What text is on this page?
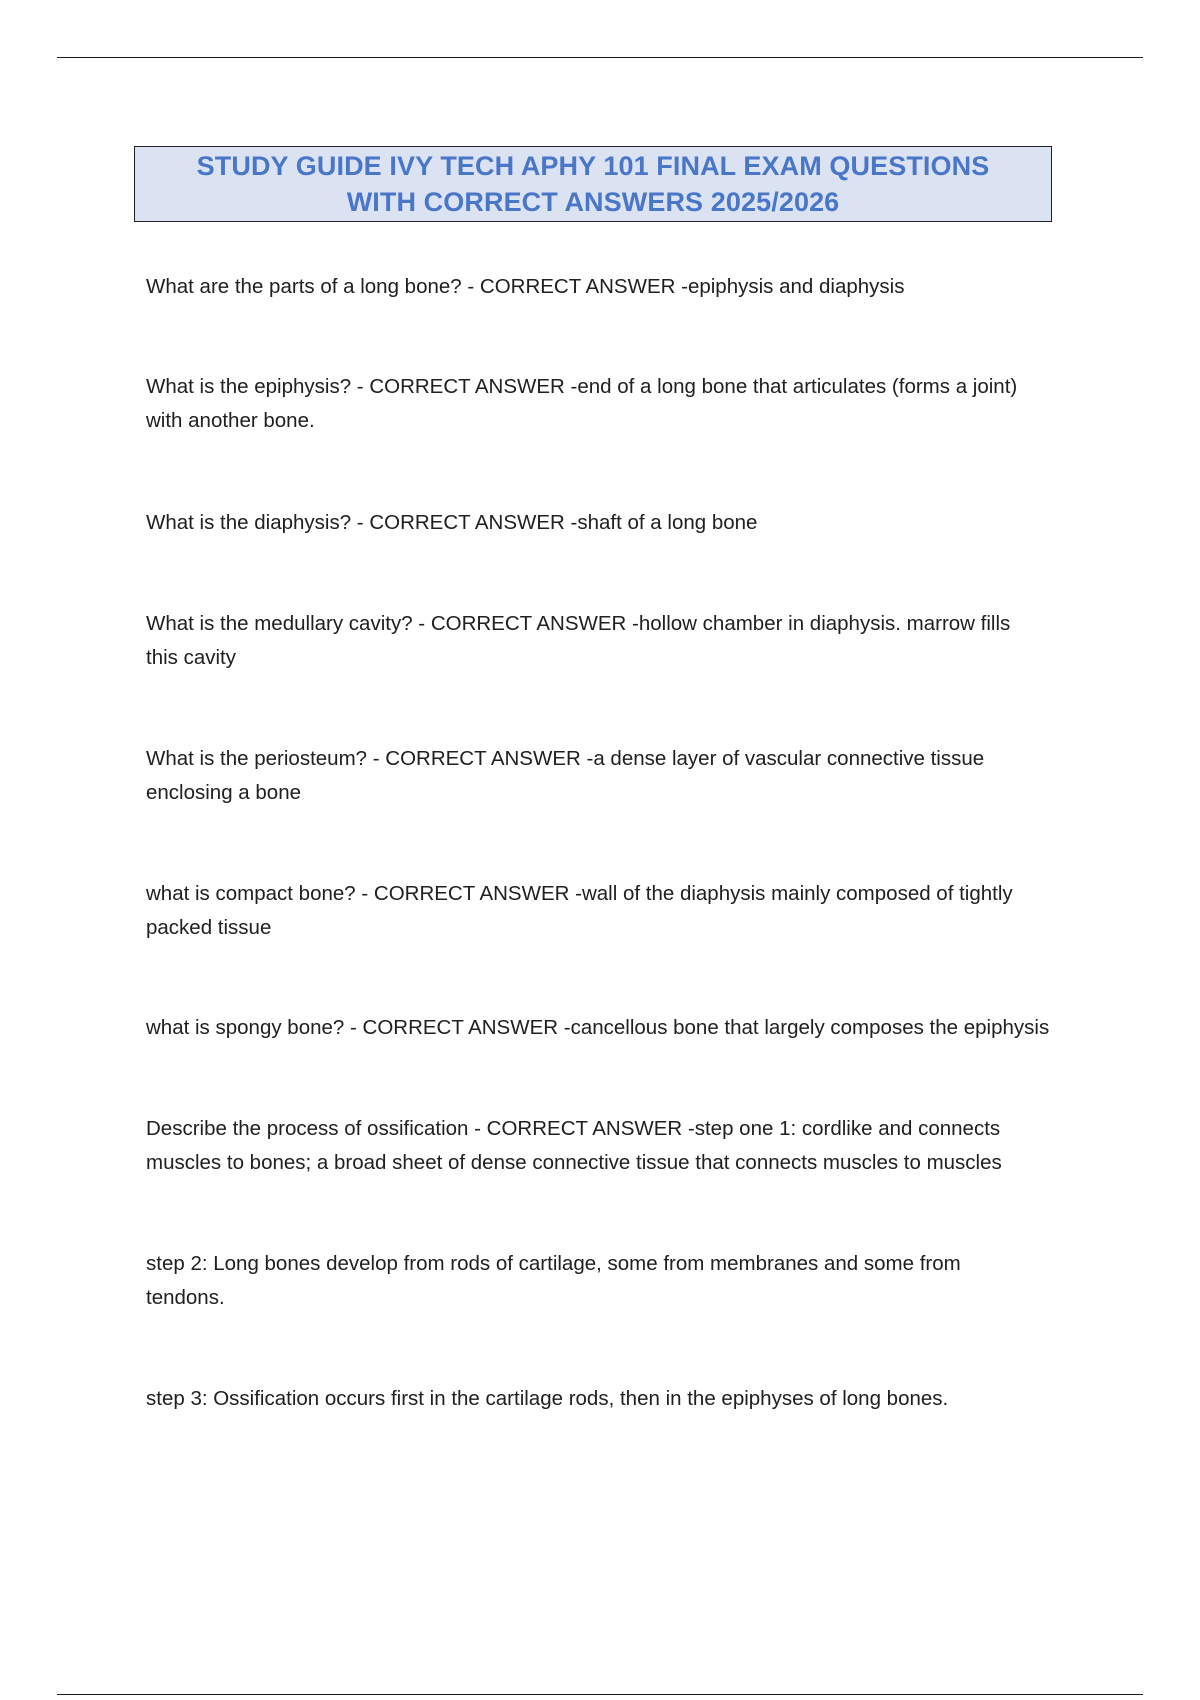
STUDY GUIDE IVY TECH APHY 101 FINAL EXAM QUESTIONS
WITH CORRECT ANSWERS 2025/2026
What are the parts of a long bone? - CORRECT ANSWER -epiphysis and diaphysis
What is the epiphysis? - CORRECT ANSWER -end of a long bone that articulates (forms a joint)
with another bone.
What is the diaphysis? - CORRECT ANSWER -shaft of a long bone
What is the medullary cavity? - CORRECT ANSWER -hollow chamber in diaphysis. marrow fills
this cavity
What is the periosteum? - CORRECT ANSWER -a dense layer of vascular connective tissue
enclosing a bone
what is compact bone? - CORRECT ANSWER -wall of the diaphysis mainly composed of tightly
packed tissue
what is spongy bone? - CORRECT ANSWER -cancellous bone that largely composes the epiphysis
Describe the process of ossification - CORRECT ANSWER -step one 1: cordlike and connects
muscles to bones; a broad sheet of dense connective tissue that connects muscles to muscles
step 2: Long bones develop from rods of cartilage, some from membranes and some from
tendons.
step 3: Ossification occurs first in the cartilage rods, then in the epiphyses of long bones.
